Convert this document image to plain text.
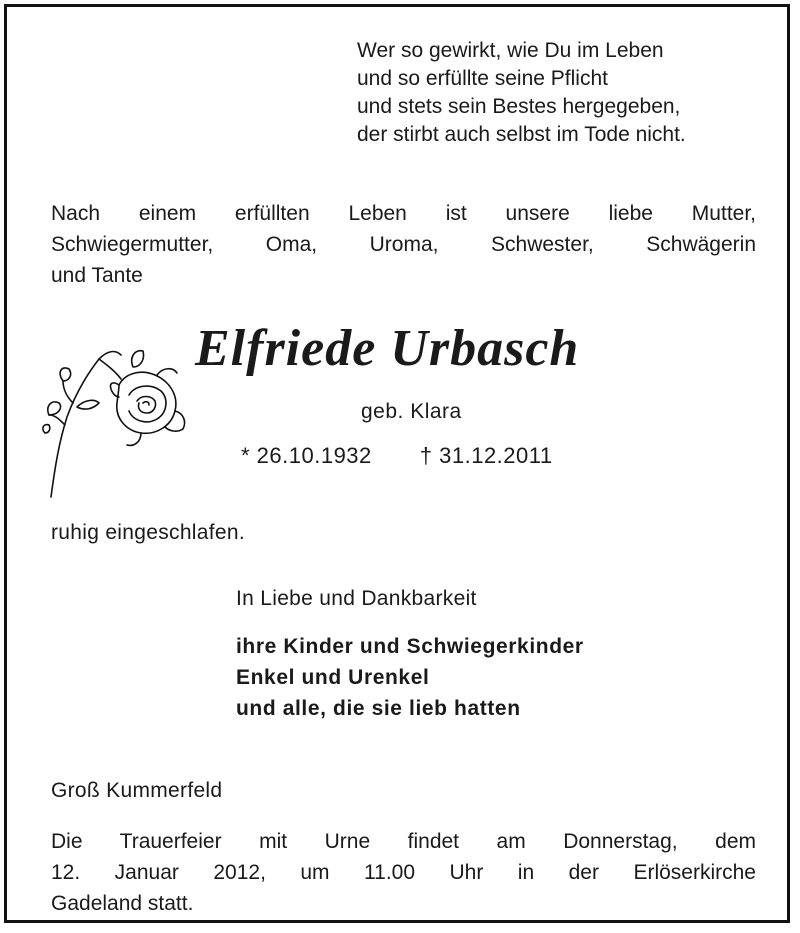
Wer so gewirkt, wie Du im Leben
und so erfüllte seine Pflicht
und stets sein Bestes hergegeben,
der stirbt auch selbst im Tode nicht.
Nach einem erfüllten Leben ist unsere liebe Mutter,
Schwiegermutter, Oma, Uroma, Schwester, Schwägerin
und Tante
Elfriede Urbasch
geb. Klara
* 26.10.1932 † 31.12.2011
ruhig eingeschlafen.
In Liebe und Dankbarkeit
ihre Kinder und Schwiegerkinder
Enkel und Urenkel
und alle, die sie lieb hatten
Groß Kummerfeld
Die Trauerfeier mit Urne findet am Donnerstag, dem
12. Januar 2012, um 11.00 Uhr in der Erlöserkirche
Gadeland statt.
